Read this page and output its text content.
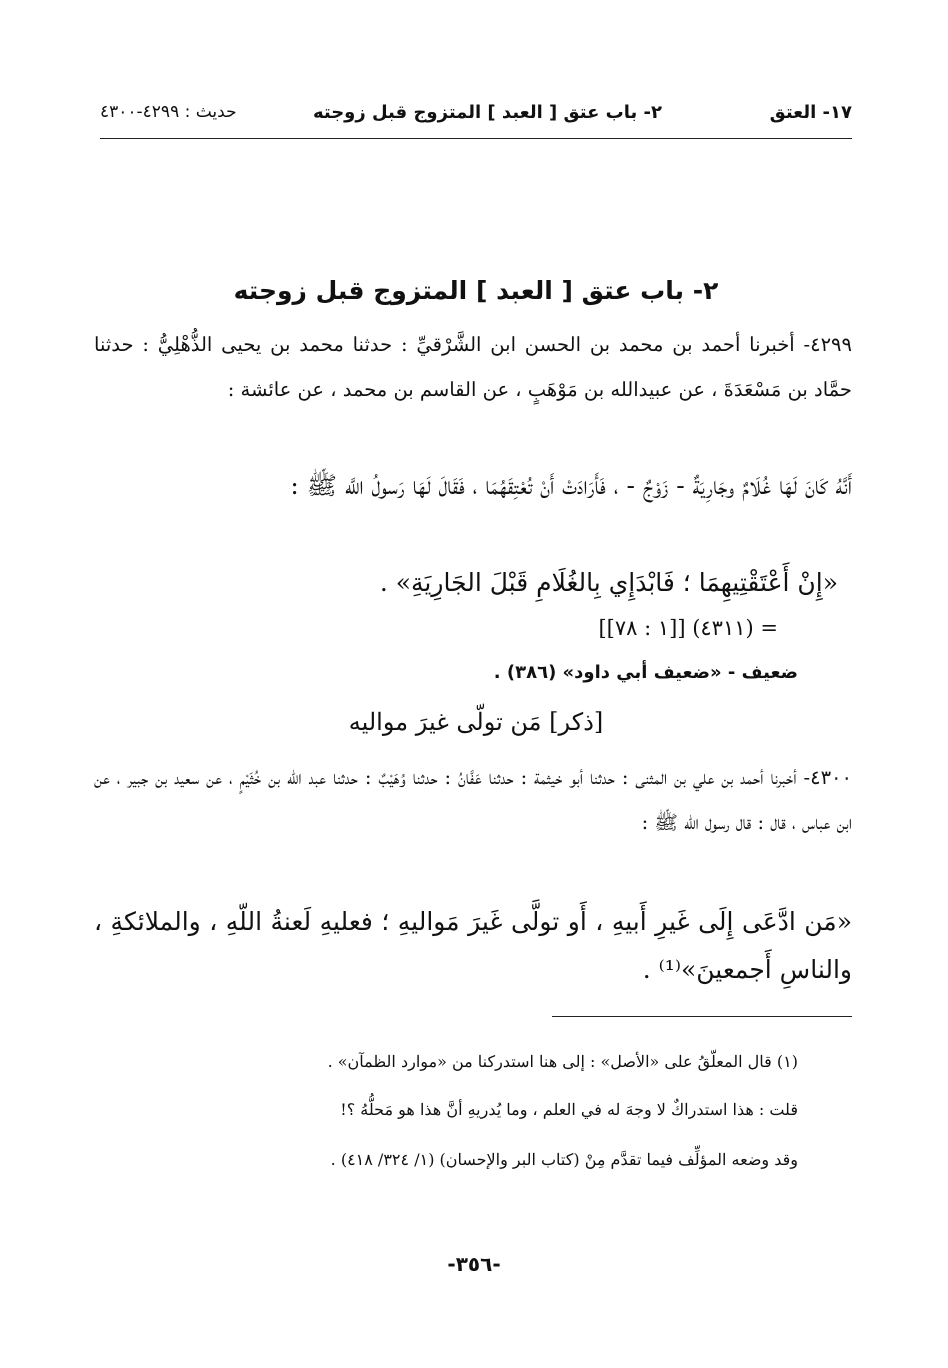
١٧- العتق
٢- باب عتق [ العبد ] المتزوج قبل زوجته
حديث : ٤٢٩٩-٤٣٠٠
٢- باب عتق [ العبد ] المتزوج قبل زوجته
٤٢٩٩- أخبرنا أحمد بن محمد بن الحسن ابن الشَّرْقيِّ : حدثنا محمد بن يحيى الذُّهْلِيُّ : حدثنا حمَّاد بن مَسْعَدَةَ ، عن عبيدالله بن مَوْهَبٍ ، عن القاسم بن محمد ، عن عائشة :
أَنَّهُ كَانَ لَهَا غُلَامٌ وجَارِيَةٌ - زَوْجٌ - ، فَأَرَادَتْ أَنْ تُعْتِقَهُمَا ، فَقَالَ لَهَا رَسولُ اللَّه ﷺ :
«إِنْ أَعْتَقْتِيهِمَا ؛ فَابْدَإِي بِالغُلَامِ قَبْلَ الجَارِيَةِ» .
= (٤٣١١) [[١ : ٧٨]]
ضعيف - «ضعيف أبي داود» (٣٨٦) .
[ذكر] مَن تولّى غيرَ مواليه
٤٣٠٠- أخبرنا أحمد بن علي بن المثنى : حدثنا أبو خيثمة : حدثنا عَفَّانُ : حدثنا وُهَيْبٌ : حدثنا عبد اللّه بن خُثَيْمٍ ، عن سعيد بن جبير ، عن ابن عباس ، قال : قال رسول اللّه ﷺ :
«مَن ادَّعَى إِلَى غَيرِ أَبيهِ ، أَو تولَّى غَيرَ مَواليهِ ؛ فعليهِ لَعنةُ اللّهِ ، والملائكةِ ، والناسِ أَجمعينَ»⁽¹⁾ .
(١) قال المعلّقُ على «الأصل» : إلى هنا استدركنا من «موارد الظمآن» .
قلت : هذا استدراكٌ لا وجهَ له في العلم ، وما يُدريهِ أنَّ هذا هو مَحلُّهُ ؟!
وقد وضعه المؤلِّف فيما تقدَّم مِنْ (كتاب البر والإحسان) (١/ ٣٢٤/ ٤١٨) .
-٣٥٦-
